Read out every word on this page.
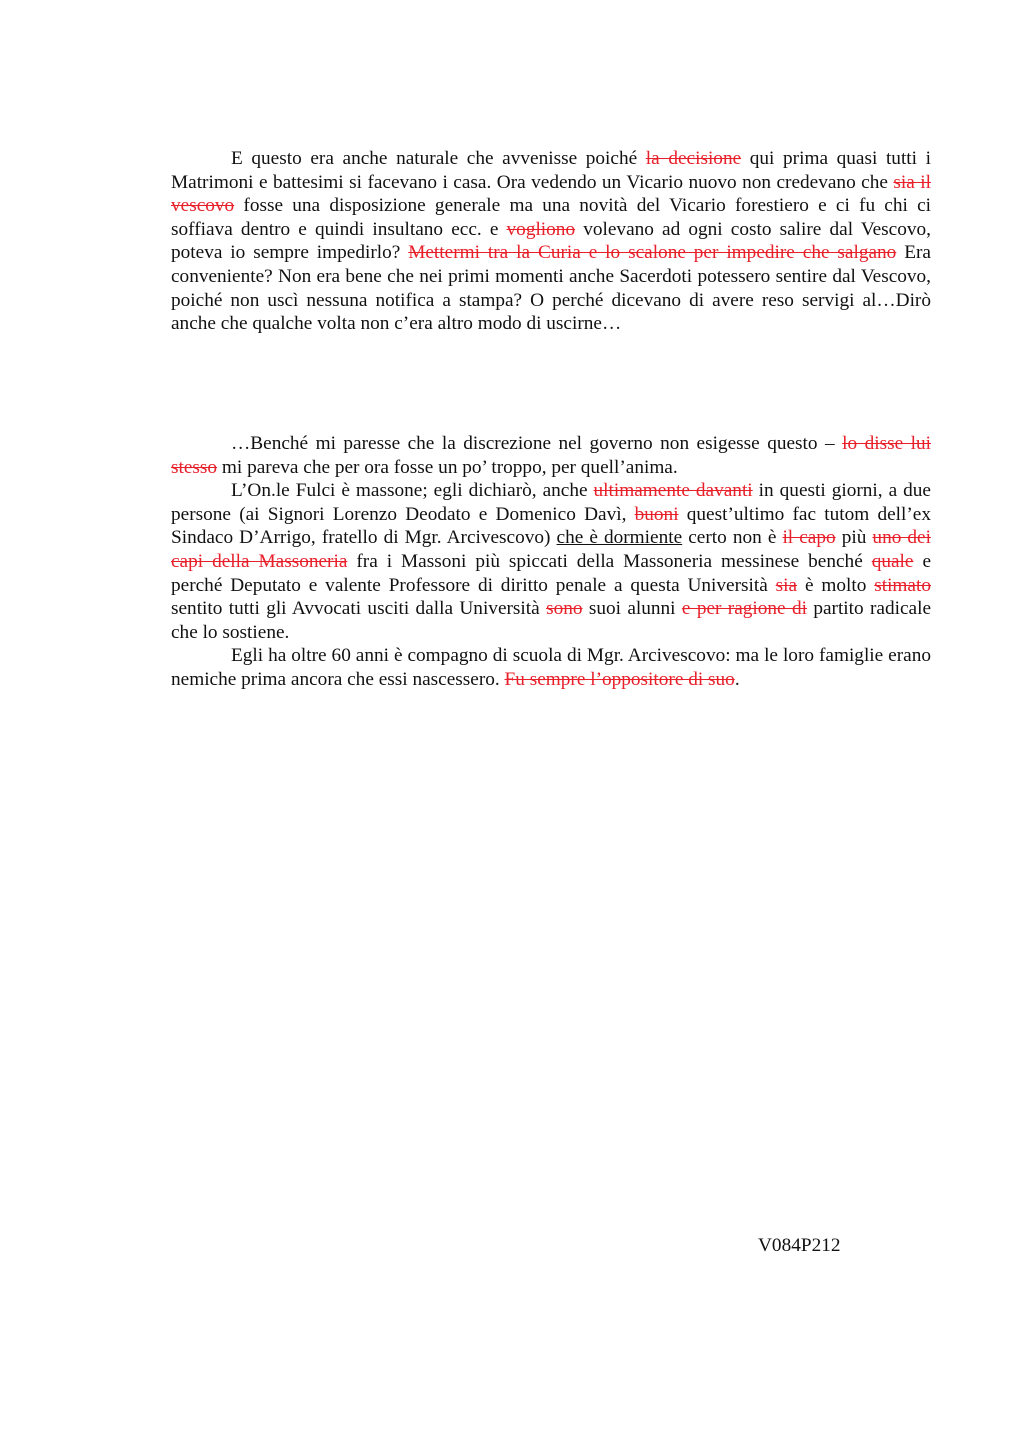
E questo era anche naturale che avvenisse poiché la decisione qui prima quasi tutti i Matrimoni e battesimi si facevano i casa. Ora vedendo un Vicario nuovo non credevano che sia il vescovo fosse una disposizione generale ma una novità del Vicario forestiero e ci fu chi ci soffiava dentro e quindi insultano ecc. e vogliono volevano ad ogni costo salire dal Vescovo, poteva io sempre impedirlo? Mettermi tra la Curia e lo scalone per impedire che salgano Era conveniente? Non era bene che nei primi momenti anche Sacerdoti potessero sentire dal Vescovo, poiché non uscì nessuna notifica a stampa? O perché dicevano di avere reso servigi al…Dirò anche che qualche volta non c’era altro modo di uscirne…

…Benché mi paresse che la discrezione nel governo non esigesse questo – lo disse lui stesso mi pareva che per ora fosse un po’ troppo, per quell’anima.

L’On.le Fulci è massone; egli dichiarò, anche ultimamente davanti in questi giorni, a due persone (ai Signori Lorenzo Deodato e Domenico Davì, buoni quest’ultimo fac tutom dell’ex Sindaco D’Arrigo, fratello di Mgr. Arcivescovo) che è dormiente certo non è il capo più uno dei capi della Massoneria fra i Massoni più spiccati della Massoneria messinese benché quale e perché Deputato e valente Professore di diritto penale a questa Università sia è molto stimato sentito tutti gli Avvocati usciti dalla Università sono suoi alunni e per ragione di partito radicale che lo sostiene.

Egli ha oltre 60 anni è compagno di scuola di Mgr. Arcivescovo: ma le loro famiglie erano nemiche prima ancora che essi nascessero. Fu sempre l’oppositore di suo.

V084P212
